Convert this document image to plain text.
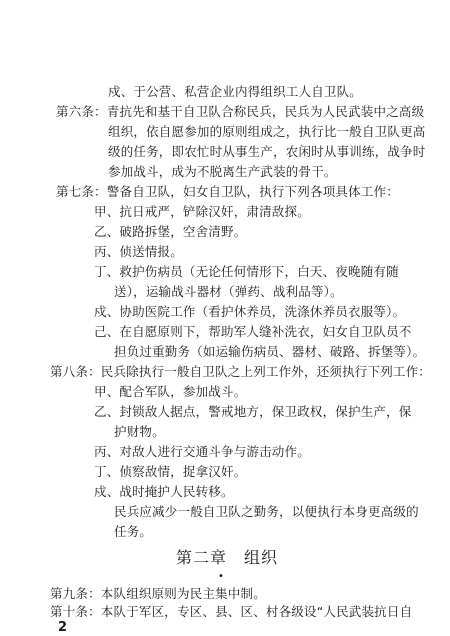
戍、于公营、私营企业内得组织工人自卫队。
第六条：青抗先和基干自卫队合称民兵，民兵为人民武装中之高级
组织，依自愿参加的原则组成之，执行比一般自卫队更高
级的任务，即农忙时从事生产，农闲时从事训练，战争时
参加战斗，成为不脱离生产武装的骨干。
第七条：警备自卫队，妇女自卫队，执行下列各项具体工作：
甲、抗日戒严，铲除汉奸，肃清敌探。
乙、破路拆堡，空舍清野。
丙、侦送情报。
丁、救护伤病员（无论任何情形下，白天、夜晚随有随
送），运输战斗器材（弹药、战利品等）。
戍、协助医院工作（看护休养员，洗涤休养员衣服等）。
己、在自愿原则下，帮助军人缝补洗衣，妇女自卫队员不
担负过重勤务（如运输伤病员、器材、破路、拆堡等）。
第八条：民兵除执行一般自卫队之上列工作外，还须执行下列工作：
甲、配合军队，参加战斗。
乙、封锁敌人据点，警戒地方，保卫政权，保护生产，保
护财物。
丙、对敌人进行交通斗争与游击动作。
丁、侦察敌情，捉拿汉奸。
戍、战时掩护人民转移。
民兵应减少一般自卫队之勤务，以便执行本身更高级的
任务。
第二章　组织
•
第九条：本队组织原则为民主集中制。
第十条：本队于军区，专区、县、区、村各级设“人民武装抗日自
2
